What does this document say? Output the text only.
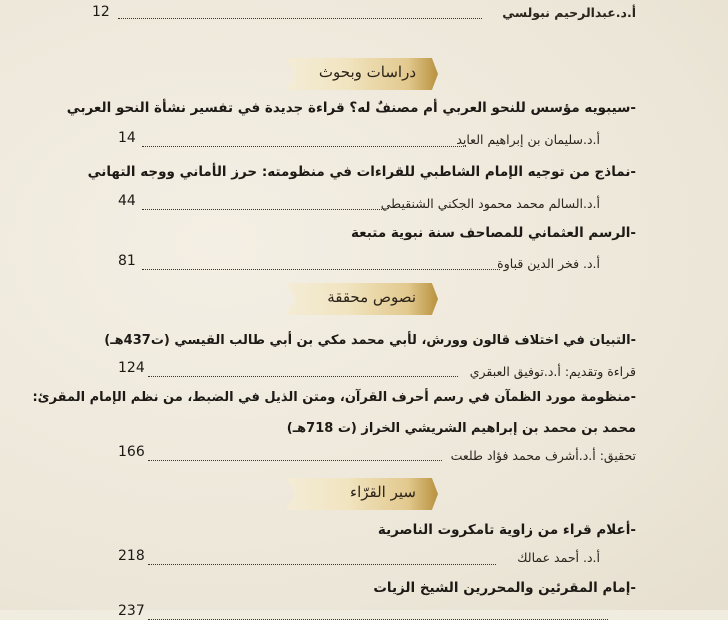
12	أ.د.عبدالرحيم نبولسي
دراسات وبحوث
-سيبويه مؤسس للنحو العربي أم مصنفٌ له؟ قراءة جديدة في تفسير نشأة النحو العربي
14	أ.د.سليمان بن إبراهيم العايد
-نماذج من توجيه الإمام الشاطبي للقراءات في منظومته: حرز الأماني ووجه التهاني
44	أ.د.السالم محمد محمود الجكني الشنقيطي
-الرسم العثماني للمصاحف سنة نبوية متبعة
81	أ.د. فخر الدين قباوة
نصوص محققة
-التبيان في اختلاف قالون وورش، لأبي محمد مكي بن أبي طالب القيسي (ت437هـ)
124	قراءة وتقديم: أ.د.توفيق العبقري
-منظومة مورد الظمآن في رسم أحرف القرآن، ومتن الذيل في الضبط، من نظم الإمام المقرئ:
محمد بن محمد بن إبراهيم الشريشي الخراز (ت 718هـ)
166	تحقيق: أ.د.أشرف محمد فؤاد طلعت
سير القرّاء
-أعلام قراء من زاوية تامكروت الناصرية
218	أ.د. أحمد عمالك
-إمام المقرئين والمحررين الشيخ الزيات
237
